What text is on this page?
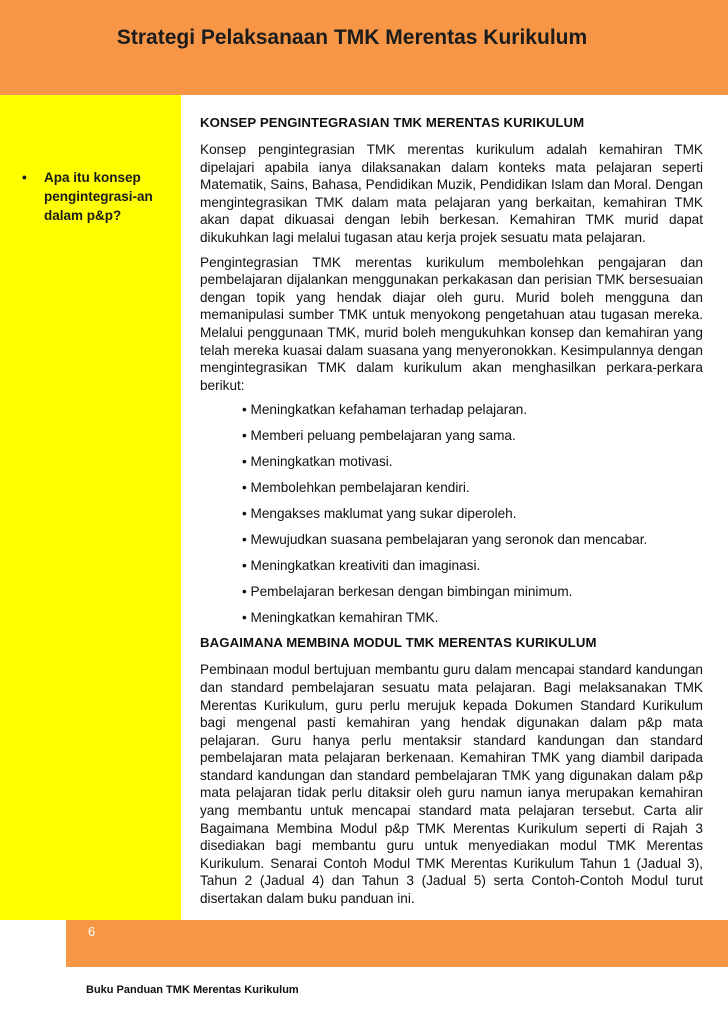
Strategi Pelaksanaan TMK Merentas Kurikulum
• Apa itu konsep pengintegrasi-an dalam p&p?
KONSEP PENGINTEGRASIAN TMK MERENTAS KURIKULUM

Konsep pengintegrasian TMK merentas kurikulum adalah kemahiran TMK dipelajari apabila ianya dilaksanakan dalam konteks mata pelajaran seperti Matematik, Sains, Bahasa, Pendidikan Muzik, Pendidikan Islam dan Moral. Dengan mengintegrasikan TMK dalam mata pelajaran yang berkaitan, kemahiran TMK akan dapat dikuasai dengan lebih berkesan. Kemahiran TMK murid dapat dikukuhkan lagi melalui tugasan atau kerja projek sesuatu mata pelajaran.

Pengintegrasian TMK merentas kurikulum membolehkan pengajaran dan pembelajaran dijalankan menggunakan perkakasan dan perisian TMK bersesuaian dengan topik yang hendak diajar oleh guru. Murid boleh mengguna dan memanipulasi sumber TMK untuk menyokong pengetahuan atau tugasan mereka. Melalui penggunaan TMK, murid boleh mengukuhkan konsep dan kemahiran yang telah mereka kuasai dalam suasana yang menyeronokkan. Kesimpulannya dengan mengintegrasikan TMK dalam kurikulum akan menghasilkan perkara-perkara berikut:

• Meningkatkan kefahaman terhadap pelajaran.
• Memberi peluang pembelajaran yang sama.
• Meningkatkan motivasi.
• Membolehkan pembelajaran kendiri.
• Mengakses maklumat yang sukar diperoleh.
• Mewujudkan suasana pembelajaran yang seronok dan mencabar.
• Meningkatkan kreativiti dan imaginasi.
• Pembelajaran berkesan dengan bimbingan minimum.
• Meningkatkan kemahiran TMK.
BAGAIMANA MEMBINA MODUL TMK MERENTAS KURIKULUM

Pembinaan modul bertujuan membantu guru dalam mencapai standard kandungan dan standard pembelajaran sesuatu mata pelajaran. Bagi melaksanakan TMK Merentas Kurikulum, guru perlu merujuk kepada Dokumen Standard Kurikulum bagi mengenal pasti kemahiran yang hendak digunakan dalam p&p mata pelajaran. Guru hanya perlu mentaksir standard kandungan dan standard pembelajaran mata pelajaran berkenaan. Kemahiran TMK yang diambil daripada standard kandungan dan standard pembelajaran TMK yang digunakan dalam p&p mata pelajaran tidak perlu ditaksir oleh guru namun ianya merupakan kemahiran yang membantu untuk mencapai standard mata pelajaran tersebut. Carta alir Bagaimana Membina Modul p&p TMK Merentas Kurikulum seperti di Rajah 3 disediakan bagi membantu guru untuk menyediakan modul TMK Merentas Kurikulum. Senarai Contoh Modul TMK Merentas Kurikulum Tahun 1 (Jadual 3), Tahun 2 (Jadual 4) dan Tahun 3 (Jadual 5) serta Contoh-Contoh Modul turut disertakan dalam buku panduan ini.

6
Buku Panduan TMK Merentas Kurikulum
